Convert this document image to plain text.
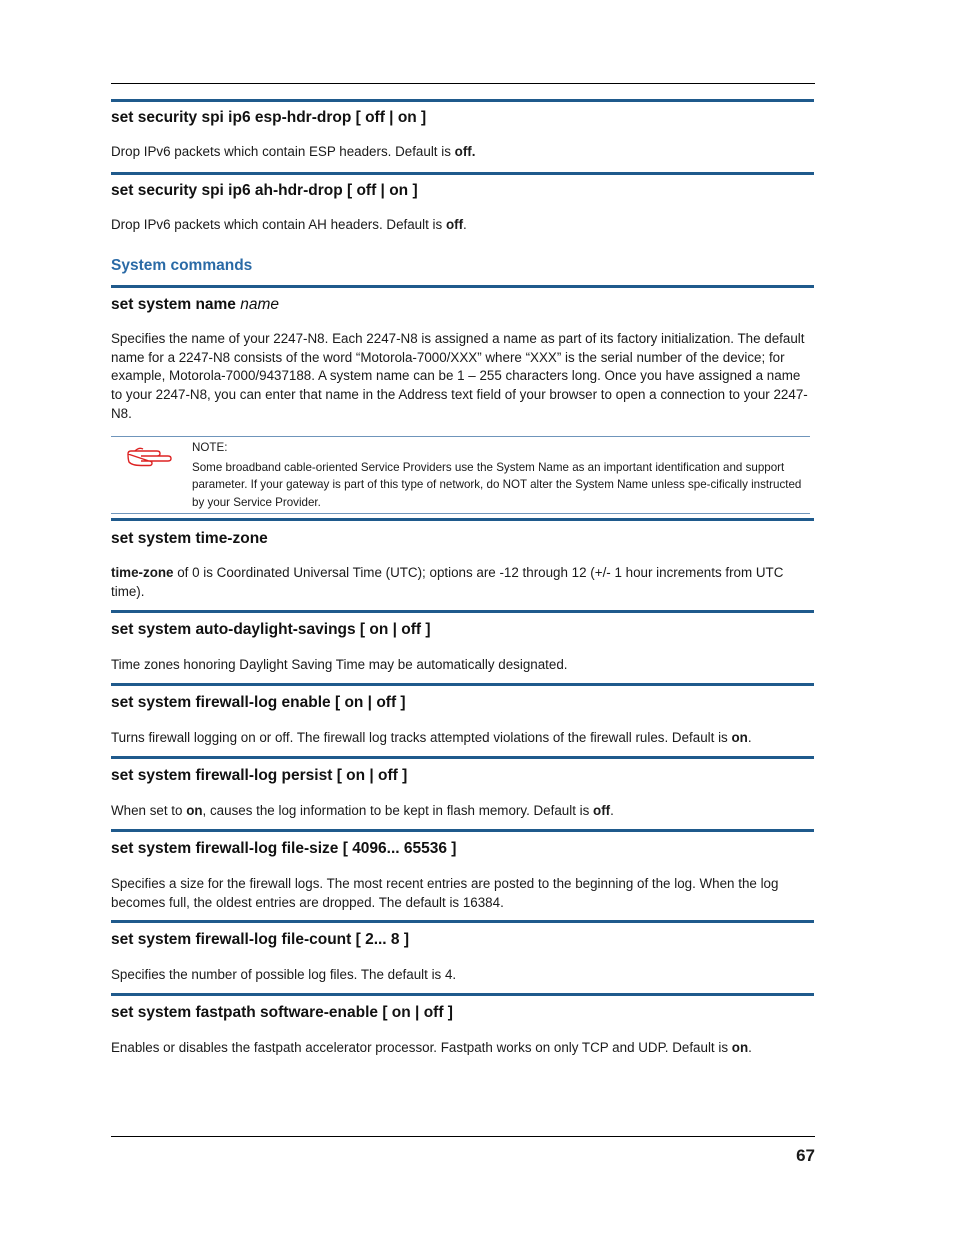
set security spi ip6 esp-hdr-drop [ off | on ]

Drop IPv6 packets which contain ESP headers. Default is off.

set security spi ip6 ah-hdr-drop [ off | on ]

Drop IPv6 packets which contain AH headers. Default is off.

System commands

set system name name

Specifies the name of your 2247-N8. Each 2247-N8 is assigned a name as part of its factory initialization. The default name for a 2247-N8 consists of the word “Motorola-7000/XXX” where “XXX” is the serial number of the device; for example, Motorola-7000/9437188. A system name can be 1 – 255 characters long. Once you have assigned a name to your 2247-N8, you can enter that name in the Address text field of your browser to open a connection to your 2247-N8.

NOTE:
Some broadband cable-oriented Service Providers use the System Name as an important identification and support parameter. If your gateway is part of this type of network, do NOT alter the System Name unless spe-cifically instructed by your Service Provider.

set system time-zone

time-zone of 0 is Coordinated Universal Time (UTC); options are -12 through 12 (+/- 1 hour increments from UTC time).

set system auto-daylight-savings [ on | off ]

Time zones honoring Daylight Saving Time may be automatically designated.

set system firewall-log enable [ on | off ]

Turns firewall logging on or off. The firewall log tracks attempted violations of the firewall rules. Default is on.

set system firewall-log persist [ on | off ]

When set to on, causes the log information to be kept in flash memory. Default is off.

set system firewall-log file-size [ 4096... 65536 ]

Specifies a size for the firewall logs. The most recent entries are posted to the beginning of the log. When the log becomes full, the oldest entries are dropped. The default is 16384.

set system firewall-log file-count [ 2... 8 ]

Specifies the number of possible log files. The default is 4.

set system fastpath software-enable [ on | off ]

Enables or disables the fastpath accelerator processor. Fastpath works on only TCP and UDP. Default is on.

67
